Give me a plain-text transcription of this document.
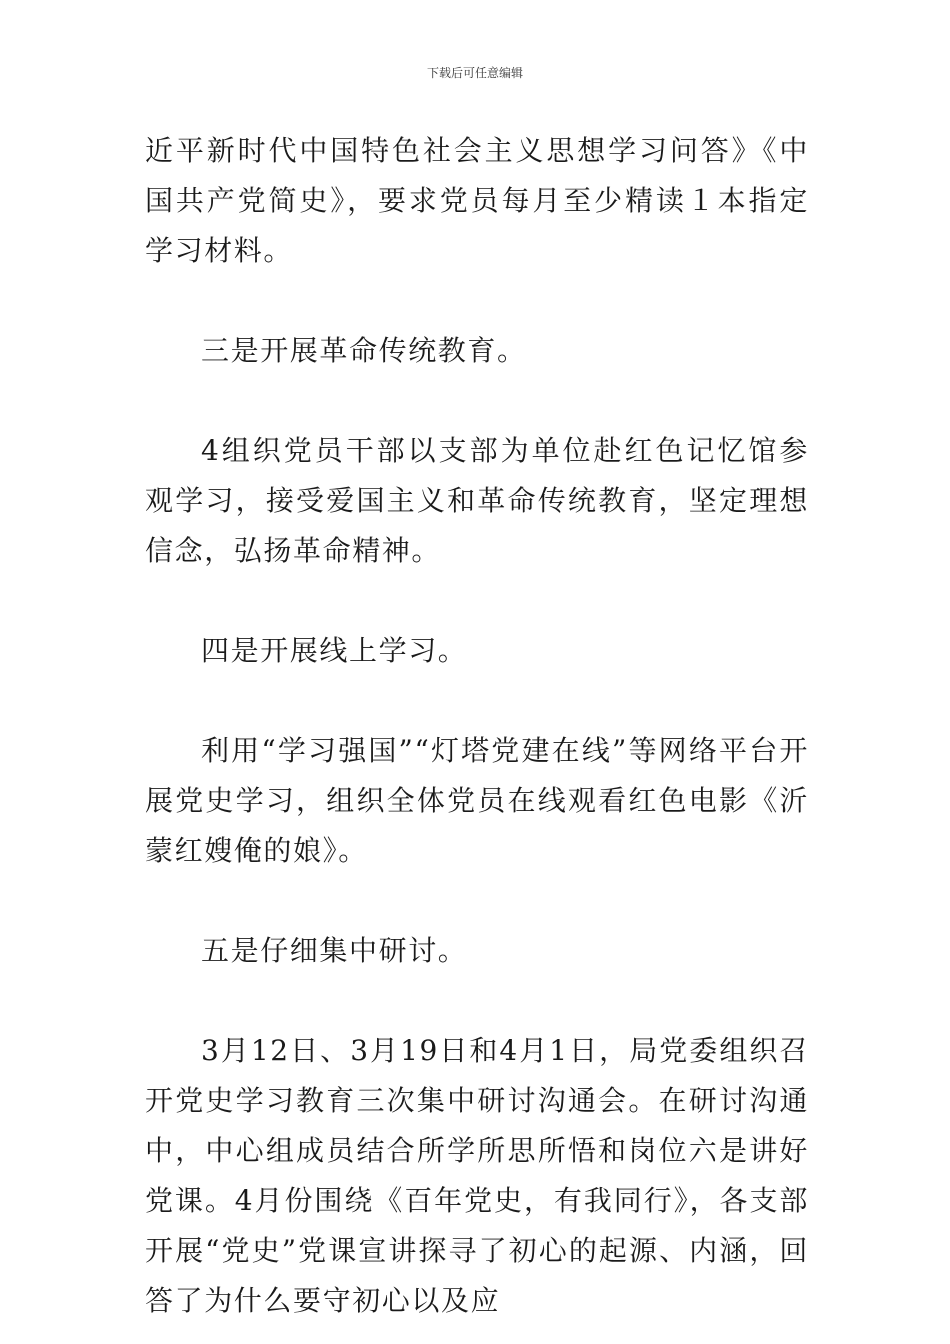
下载后可任意编辑

近平新时代中国特色社会主义思想学习问答》《中国共产党简史》，要求党员每月至少精读１本指定学习材料。

三是开展革命传统教育。

4组织党员干部以支部为单位赴红色记忆馆参观学习，接受爱国主义和革命传统教育，坚定理想信念，弘扬革命精神。

四是开展线上学习。

利用“学习强国”“灯塔党建在线”等网络平台开展党史学习，组织全体党员在线观看红色电影《沂蒙红嫂俺的娘》。

五是仔细集中研讨。

3月12日、3月19日和4月1日，局党委组织召开党史学习教育三次集中研讨沟通会。在研讨沟通中，中心组成员结合所学所思所悟和岗位六是讲好党课。4月份围绕《百年党史，有我同行》，各支部开展“党史”党课宣讲探寻了初心的起源、内涵，回答了为什么要守初心以及应
